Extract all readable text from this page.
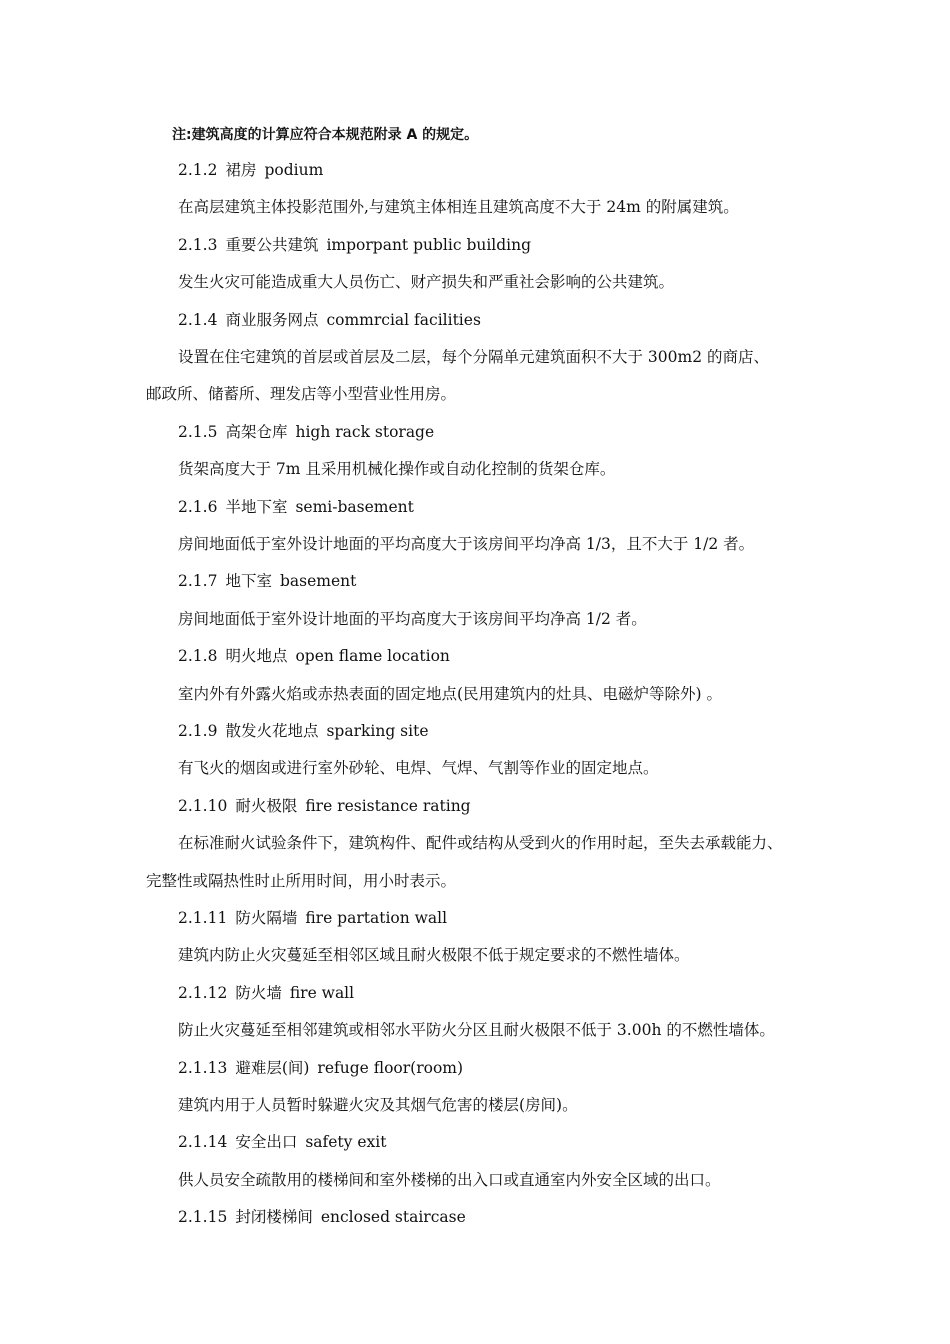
注:建筑高度的计算应符合本规范附录 A 的规定。
2.1.2 裙房 podium
在高层建筑主体投影范围外,与建筑主体相连且建筑高度不大于 24m 的附属建筑。
2.1.3 重要公共建筑 imporpant public building
发生火灾可能造成重大人员伤亡、财产损失和严重社会影响的公共建筑。
2.1.4 商业服务网点 commrcial facilities
设置在住宅建筑的首层或首层及二层，每个分隔单元建筑面积不大于 300m2 的商店、
邮政所、储蓄所、理发店等小型营业性用房。
2.1.5 高架仓库 high rack storage
货架高度大于 7m 且采用机械化操作或自动化控制的货架仓库。
2.1.6 半地下室 semi-basement
房间地面低于室外设计地面的平均高度大于该房间平均净高 1/3，且不大于 1/2 者。
2.1.7 地下室 basement
房间地面低于室外设计地面的平均高度大于该房间平均净高 1/2 者。
2.1.8 明火地点 open flame location
室内外有外露火焰或赤热表面的固定地点(民用建筑内的灶具、电磁炉等除外) 。
2.1.9 散发火花地点 sparking site
有飞火的烟囱或进行室外砂轮、电焊、气焊、气割等作业的固定地点。
2.1.10 耐火极限 fire resistance rating
在标准耐火试验条件下，建筑构件、配件或结构从受到火的作用时起，至失去承载能力、
完整性或隔热性时止所用时间，用小时表示。
2.1.11 防火隔墙 fire partation wall
建筑内防止火灾蔓延至相邻区域且耐火极限不低于规定要求的不燃性墙体。
2.1.12 防火墙 fire wall
防止火灾蔓延至相邻建筑或相邻水平防火分区且耐火极限不低于 3.00h 的不燃性墙体。
2.1.13 避难层(间) refuge floor(room)
建筑内用于人员暂时躲避火灾及其烟气危害的楼层(房间)。
2.1.14 安全出口 safety exit
供人员安全疏散用的楼梯间和室外楼梯的出入口或直通室内外安全区域的出口。
2.1.15 封闭楼梯间 enclosed staircase
